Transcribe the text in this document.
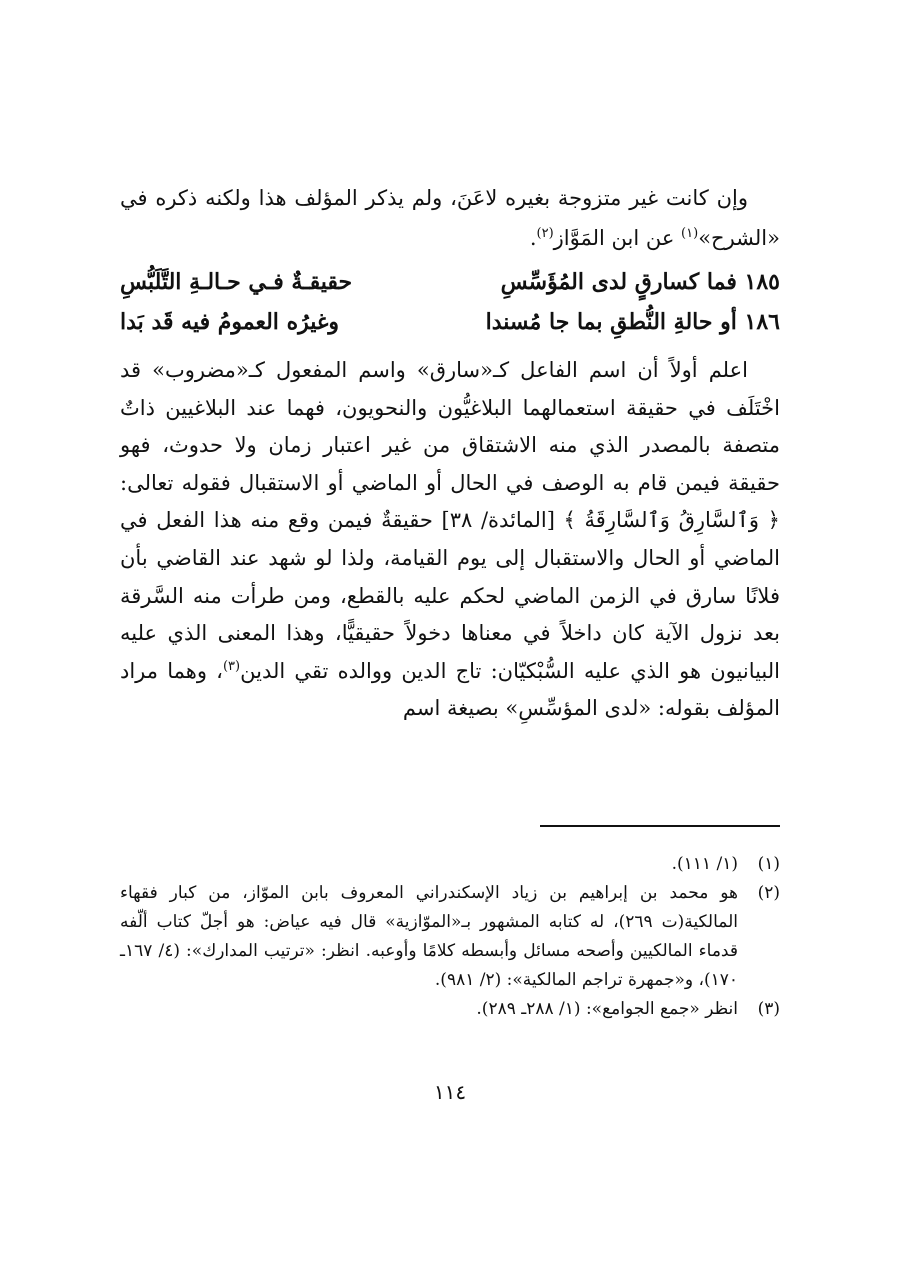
وإن كانت غير متزوجة بغيره لاعَنَ، ولم يذكر المؤلف هذا ولكنه ذكره في «الشرح»$^{(١)}$ عن ابن المَوَّاز$^{(٢)}$.

١٨٥ فما كسارقٍ لدى المُؤَسِّسِ
حقيقـةٌ فـي حـالـةِ التَّلَبُّسِ
١٨٦ أو حالةِ النُّطقِ بما جا مُسندا
وغيرُه العمومُ فيه قَد بَدا

اعلم أولاً أن اسم الفاعل كـ«سارق» واسم المفعول كـ«مضروب» قد اخْتَلَف في حقيقة استعمالهما البلاغيُّون والنحويون، فهما عند البلاغيين ذاتٌ متصفة بالمصدر الذي منه الاشتقاق من غير اعتبار زمان ولا حدوث، فهو حقيقة فيمن قام به الوصف في الحال أو الماضي أو الاستقبال فقوله تعالى: ﴿ وَٱلسَّارِقُ وَٱلسَّارِقَةُ ﴾ [المائدة/ ٣٨] حقيقةٌ فيمن وقع منه هذا الفعل في الماضي أو الحال والاستقبال إلى يوم القيامة، ولذا لو شهد عند القاضي بأن فلانًا سارق في الزمن الماضي لحكم عليه بالقطع، ومن طرأت منه السَّرقة بعد نزول الآية كان داخلاً في معناها دخولاً حقيقيًّا، وهذا المعنى الذي عليه البيانيون هو الذي عليه السُّبْكيّان: تاج الدين ووالده تقي الدين$^{(٣)}$، وهما مراد المؤلف بقوله: «لدى المؤسِّسِ» بصيغة اسم

(١)
(١/ ١١١).
(٢)
هو محمد بن إبراهيم بن زياد الإسكندراني المعروف بابن الموّاز، من كبار فقهاء المالكية(ت ٢٦٩)، له كتابه المشهور بـ«الموّازية» قال فيه عياض: هو أجلّ كتاب ألّفه قدماء المالكيين وأصحه مسائل وأبسطه كلامًا وأوعبه. انظر: «ترتيب المدارك»: (٤/ ١٦٧ـ ١٧٠)، و«جمهرة تراجم المالكية»: (٢/ ٩٨١).
(٣)
انظر «جمع الجوامع»: (١/ ٢٨٨ـ ٢٨٩).
١١٤
